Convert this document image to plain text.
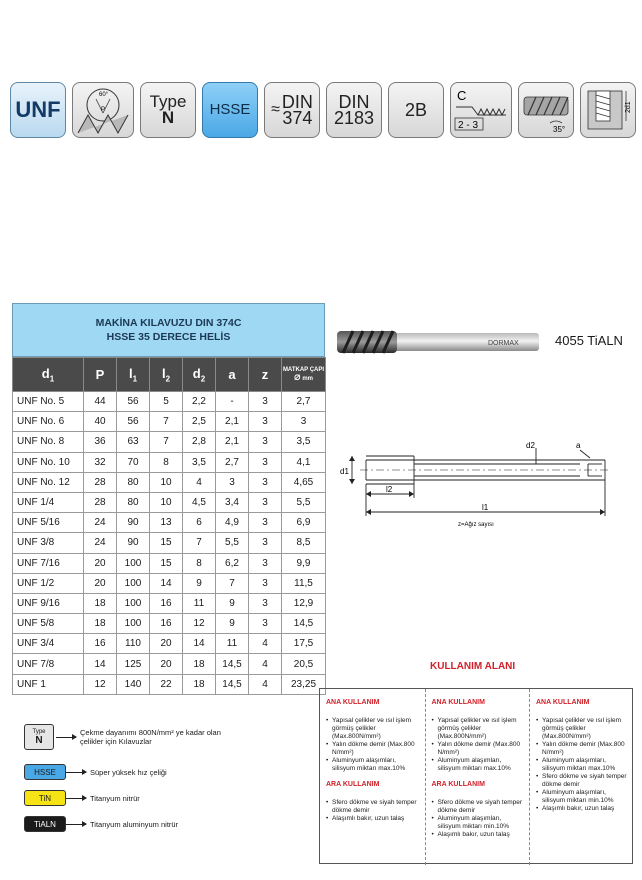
UNF
60°
P	Type
N HSSE ≈ DIN
374
DIN
2183 2B
C
2 - 3	35°
2d1
MAKİNA KILAVUZU DIN 374C
HSSE 35 DERECE HELİS
$d_1$	P	$l_1$	$l_2$	$d_2$	a	z	MATKAP ÇAPI
⌀ mm

UNF No. 5	44	56	5	2,2	-	3	2,7
UNF No. 6	40	56	7	2,5	2,1	3	3
UNF No. 8	36	63	7	2,8	2,1	3	3,5
UNF No. 10	32	70	8	3,5	2,7	3	4,1
UNF No. 12	28	80	10	4	3	3	4,65
UNF 1/4	28	80	10	4,5	3,4	3	5,5
UNF 5/16	24	90	13	6	4,9	3	6,9
UNF 3/8	24	90	15	7	5,5	3	8,5
UNF 7/16	20	100	15	8	6,2	3	9,9
UNF 1/2	20	100	14	9	7	3	11,5
UNF 9/16	18	100	16	11	9	3	12,9
UNF 5/8	18	100	16	12	9	3	14,5
UNF 3/4	16	110	20	14	11	4	17,5
UNF 7/8	14	125	20	18	14,5	4	20,5
UNF 1	12	140	22	18	14,5	4	23,25
DORMAX	4055 TiALN
d1
d2	a
l2
l1
z=Ağız sayısı
Type
N
Çekme dayanımı 800N/mm² ye kadar olan çelikler için Kılavuzlar
HSSE	Süper yüksek hız çeliği
TiN	Titanyum nitrür
TiALN	Titanyum aluminyum nitrür
KULLANIM ALANI
ANA KULLANIM
• Yapısal çelikler ve ısıl işlem görmüş çelikler (Max.800N/mm²)
• Yalın dökme demir (Max.800 N/mm²)
• Aluminyum alaşımları, silisyum miktarı max.10%
ARA KULLANIM
• Sfero dökme ve siyah temper dökme demir
• Alaşımlı bakır, uzun talaş
ANA KULLANIM
• Yapısal çelikler ve ısıl işlem görmüş çelikler (Max.800N/mm²)
• Yalın dökme demir (Max.800 N/mm²)
• Aluminyum alaşımları, silisyum miktarı max.10%
ARA KULLANIM
• Sfero dökme ve siyah temper dökme demir
• Aluminyum alaşımları, silisyum miktarı min.10%
• Alaşımlı bakır, uzun talaş
ANA KULLANIM
• Yapısal çelikler ve ısıl işlem görmüş çelikler (Max.800N/mm²)
• Yalın dökme demir (Max.800 N/mm²)
• Aluminyum alaşımları, silisyum miktarı max.10%
• Sfero dökme ve siyah temper dökme demir
• Aluminyum alaşımları, silisyum miktarı min.10%
• Alaşımlı bakır, uzun talaş
